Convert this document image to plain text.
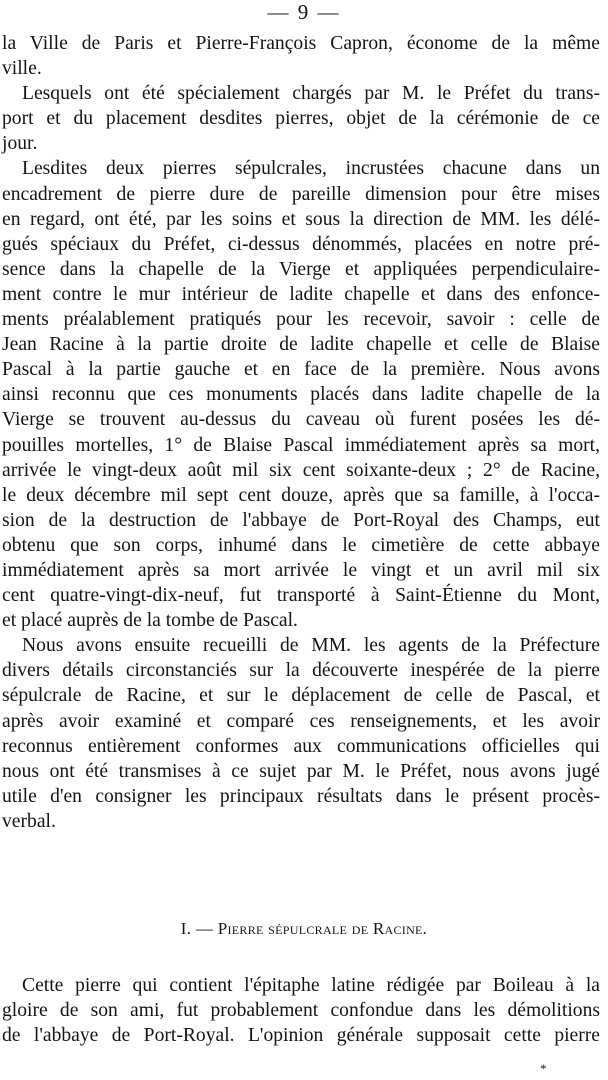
— 9 —
la Ville de Paris et Pierre-François Capron, économe de la même
ville.
Lesquels ont été spécialement chargés par M. le Préfet du trans-
port et du placement desdites pierres, objet de la cérémonie de ce
jour.
Lesdites deux pierres sépulcrales, incrustées chacune dans un
encadrement de pierre dure de pareille dimension pour être mises
en regard, ont été, par les soins et sous la direction de MM. les délé-
gués spéciaux du Préfet, ci-dessus dénommés, placées en notre pré-
sence dans la chapelle de la Vierge et appliquées perpendiculaire-
ment contre le mur intérieur de ladite chapelle et dans des enfonce-
ments préalablement pratiqués pour les recevoir, savoir : celle de
Jean Racine à la partie droite de ladite chapelle et celle de Blaise
Pascal à la partie gauche et en face de la première. Nous avons
ainsi reconnu que ces monuments placés dans ladite chapelle de la
Vierge se trouvent au-dessus du caveau où furent posées les dé-
pouilles mortelles, 1° de Blaise Pascal immédiatement après sa mort,
arrivée le vingt-deux août mil six cent soixante-deux ; 2° de Racine,
le deux décembre mil sept cent douze, après que sa famille, à l'occa-
sion de la destruction de l'abbaye de Port-Royal des Champs, eut
obtenu que son corps, inhumé dans le cimetière de cette abbaye
immédiatement après sa mort arrivée le vingt et un avril mil six
cent quatre-vingt-dix-neuf, fut transporté à Saint-Étienne du Mont,
et placé auprès de la tombe de Pascal.
Nous avons ensuite recueilli de MM. les agents de la Préfecture
divers détails circonstanciés sur la découverte inespérée de la pierre
sépulcrale de Racine, et sur le déplacement de celle de Pascal, et
après avoir examiné et comparé ces renseignements, et les avoir
reconnus entièrement conformes aux communications officielles qui
nous ont été transmises à ce sujet par M. le Préfet, nous avons jugé
utile d'en consigner les principaux résultats dans le présent procès-
verbal.
I. — Pierre sépulcrale de Racine.
Cette pierre qui contient l'épitaphe latine rédigée par Boileau à la
gloire de son ami, fut probablement confondue dans les démolitions
de l'abbaye de Port-Royal. L'opinion générale supposait cette pierre
*
